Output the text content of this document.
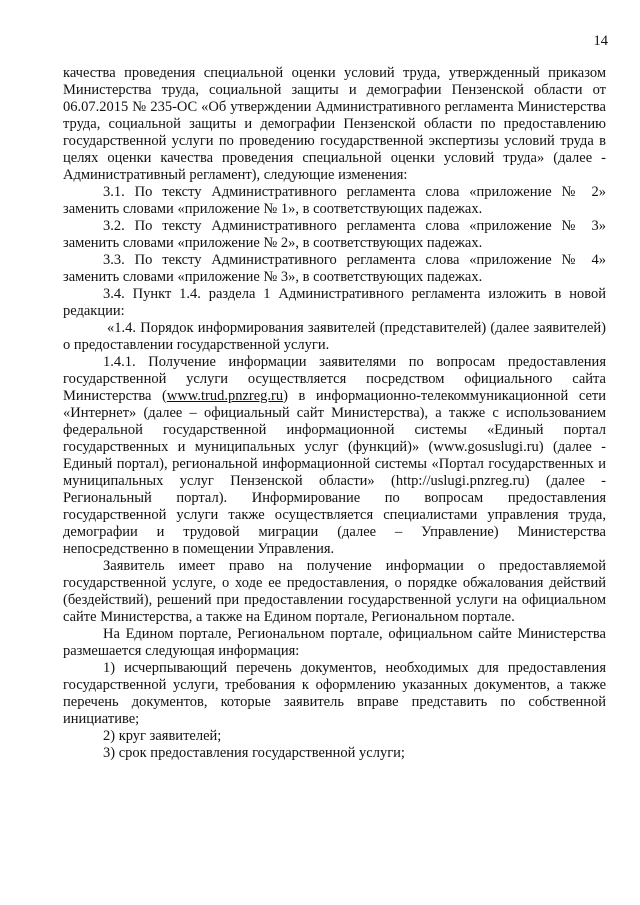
14

качества проведения специальной оценки условий труда, утвержденный приказом Министерства труда, социальной защиты и демографии Пензенской области от 06.07.2015 № 235-ОС «Об утверждении Административного регламента Министерства труда, социальной защиты и демографии Пензенской области по предоставлению государственной услуги по проведению государственной экспертизы условий труда в целях оценки качества проведения специальной оценки условий труда» (далее - Административный регламент), следующие изменения:

3.1. По тексту Административного регламента слова «приложение № 2» заменить словами «приложение № 1», в соответствующих падежах.

3.2. По тексту Административного регламента слова «приложение № 3» заменить словами «приложение № 2», в соответствующих падежах.

3.3. По тексту Административного регламента слова «приложение № 4» заменить словами «приложение № 3», в соответствующих падежах.

3.4. Пункт 1.4. раздела 1 Административного регламента изложить в новой редакции:

«1.4. Порядок информирования заявителей (представителей) (далее заявителей) о предоставлении государственной услуги.

1.4.1. Получение информации заявителями по вопросам предоставления государственной услуги осуществляется посредством официального сайта Министерства (www.trud.pnzreg.ru) в информационно-телекоммуникационной сети «Интернет» (далее – официальный сайт Министерства), а также с использованием федеральной государственной информационной системы «Единый портал государственных и муниципальных услуг (функций)» (www.gosuslugi.ru) (далее - Единый портал), региональной информационной системы «Портал государственных и муниципальных услуг Пензенской области» (http://uslugi.pnzreg.ru) (далее - Региональный портал). Информирование по вопросам предоставления государственной услуги также осуществляется специалистами управления труда, демографии и трудовой миграции (далее – Управление) Министерства непосредственно в помещении Управления.

Заявитель имеет право на получение информации о предоставляемой государственной услуге, о ходе ее предоставления, о порядке обжалования действий (бездействий), решений при предоставлении государственной услуги на официальном сайте Министерства, а также на Едином портале, Региональном портале.

На Едином портале, Региональном портале, официальном сайте Министерства размешается следующая информация:

1) исчерпывающий перечень документов, необходимых для предоставления государственной услуги, требования к оформлению указанных документов, а также перечень документов, которые заявитель вправе представить по собственной инициативе;

2) круг заявителей;

3) срок предоставления государственной услуги;
